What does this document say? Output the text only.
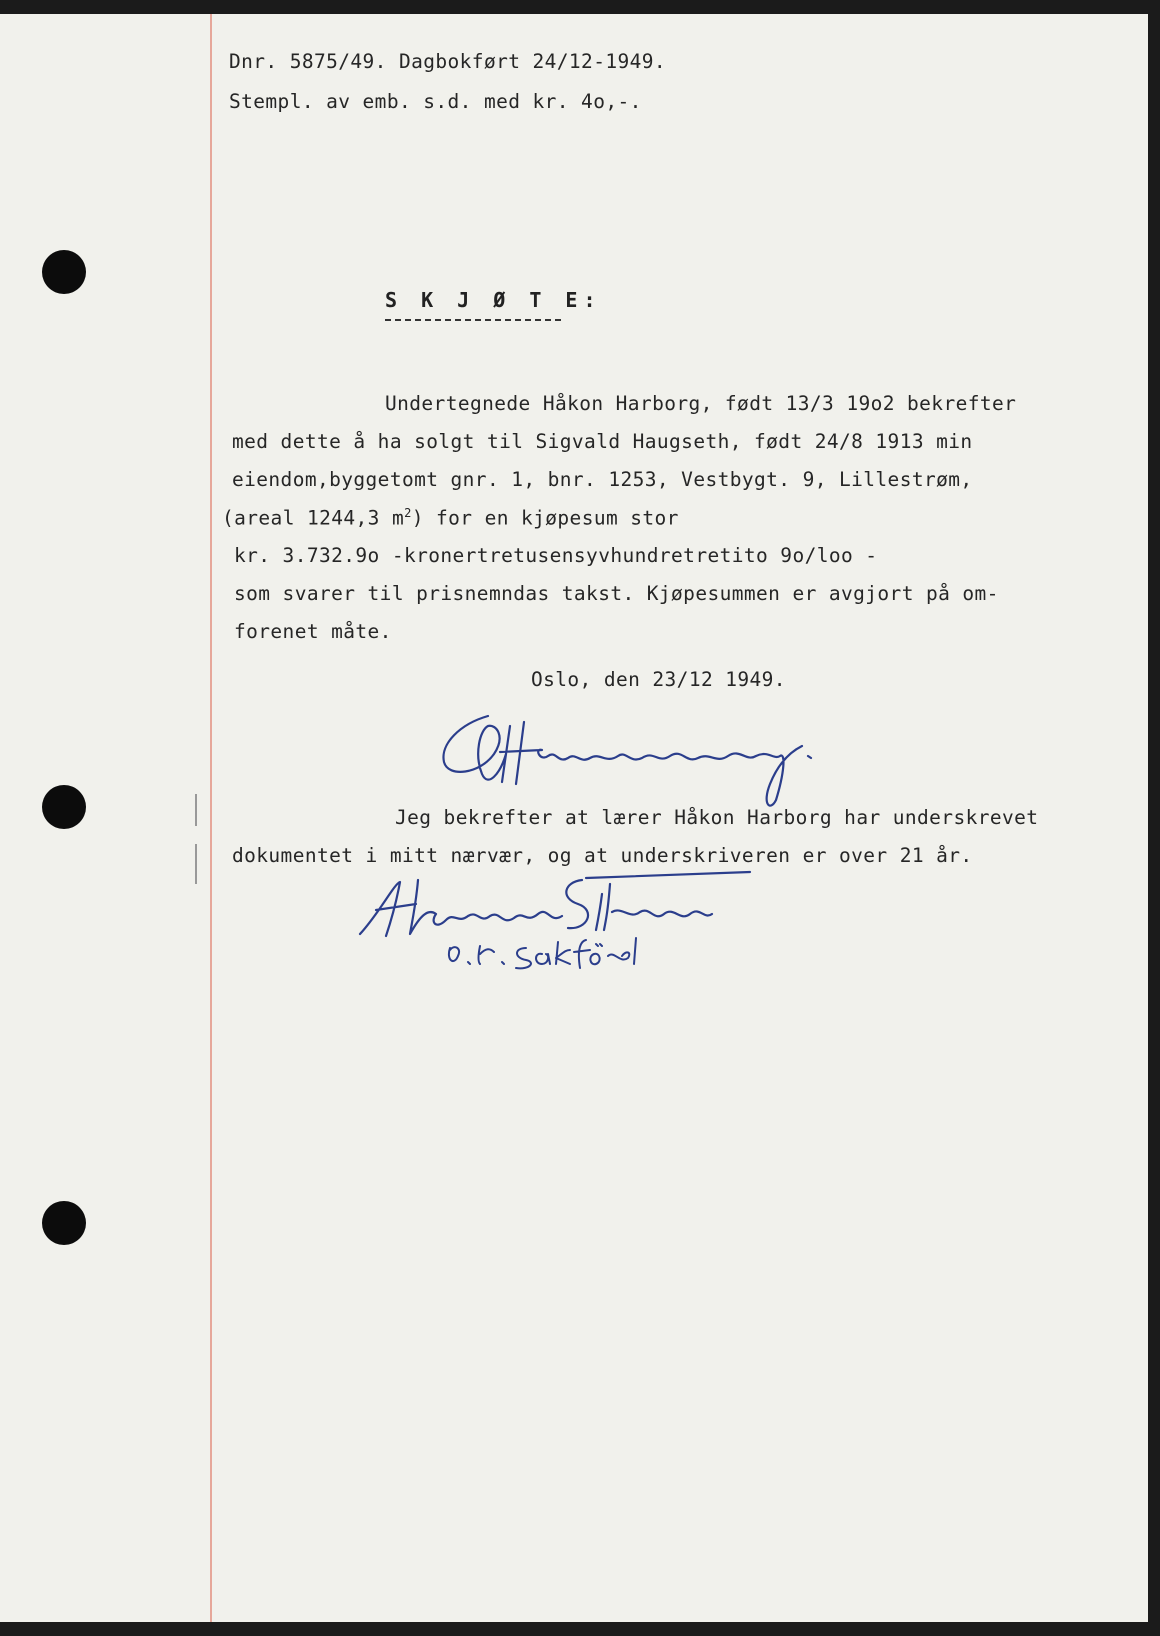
Dnr. 5875/49. Dagbokført 24/12-1949.
Stempl. av emb. s.d. med kr. 4o,-.
S K J Ø T E:
Undertegnede Håkon Harborg, født 13/3 19o2 bekrefter
med dette å ha solgt til Sigvald Haugseth, født 24/8 1913 min
eiendom,byggetomt gnr. 1, bnr. 1253, Vestbygt. 9, Lillestrøm,
(areal 1244,3 $m^2$) for en kjøpesum stor
kr. 3.732.9o -kronertretusensyvhundretretito 9o/loo -
som svarer til prisnemndas takst. Kjøpesummen er avgjort på om-
forenet måte.
Oslo, den 23/12 1949.
Jeg bekrefter at lærer Håkon Harborg har underskrevet
dokumentet i mitt nærvær, og at underskriveren er over 21 år.
